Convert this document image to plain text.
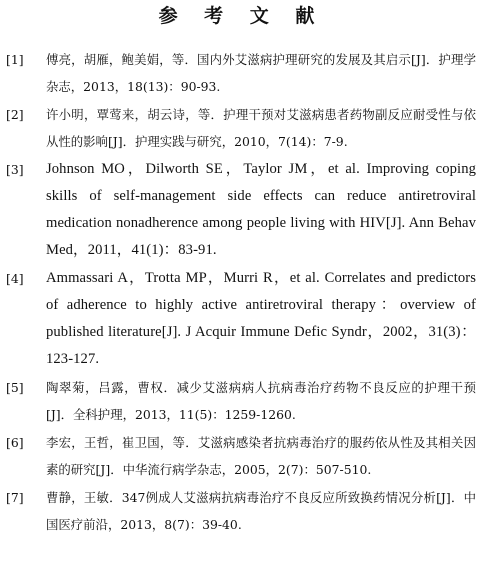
参 考 文 献
[1]	傅亮，胡雁，鲍美娟，等．国内外艾滋病护理研究的发展及其启示[J]．护理学杂志，2013，18(13)：90-93.
[2]	许小明，覃莺来，胡云诗，等．护理干预对艾滋病患者药物副反应耐受性与依从性的影响[J]．护理实践与研究，2010，7(14)：7-9.
[3]	Johnson MO，Dilworth SE，Taylor JM，et al. Improving coping skills of self-management side effects can reduce antiretroviral medication nonadherence among people living with HIV[J]. Ann Behav Med，2011，41(1)：83-91.
[4]	Ammassari A，Trotta MP，Murri R，et al. Correlates and predictors of adherence to highly active antiretroviral therapy：overview of published literature[J]. J Acquir Immune Defic Syndr，2002，31(3)：123-127.
[5]	陶翠菊，吕露，曹权．减少艾滋病病人抗病毒治疗药物不良反应的护理干预[J]．全科护理，2013，11(5)：1259-1260.
[6]	李宏，王哲，崔卫国，等．艾滋病感染者抗病毒治疗的服药依从性及其相关因素的研究[J]．中华流行病学杂志，2005，2(7)：507-510.
[7]	曹静，王敏．347例成人艾滋病抗病毒治疗不良反应所致换药情况分析[J]．中国医疗前沿，2013，8(7)：39-40.
